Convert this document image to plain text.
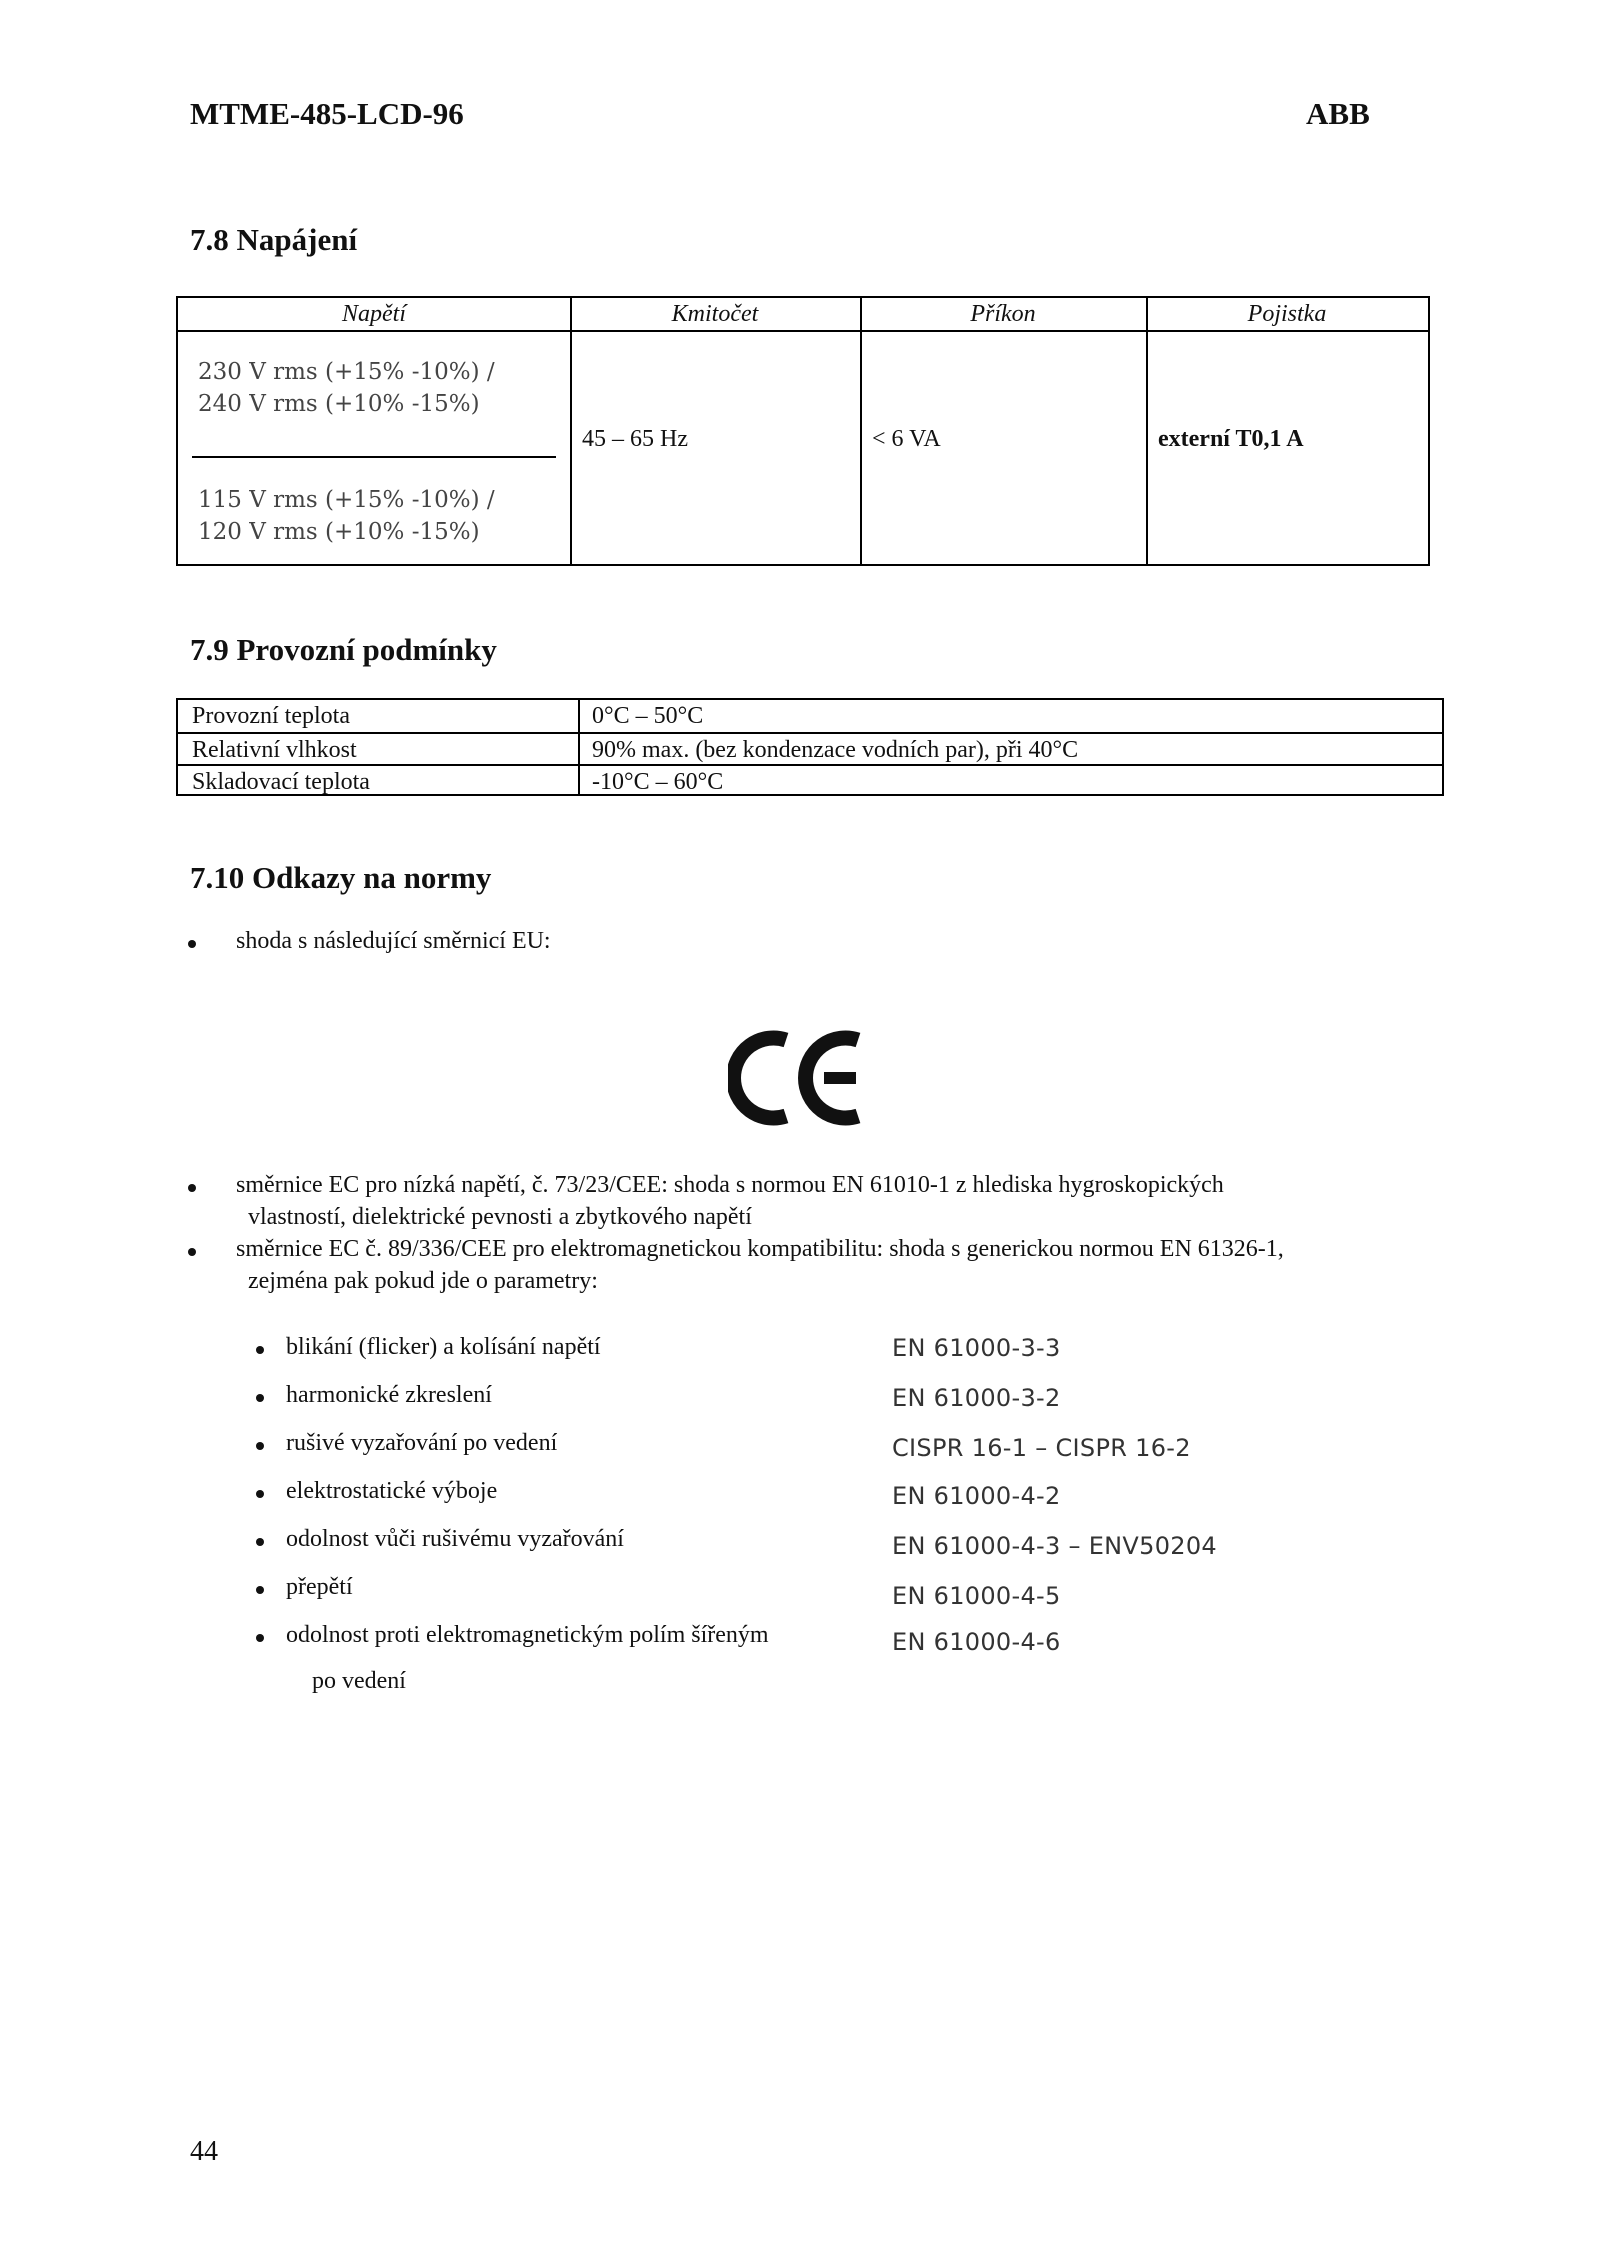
MTME-485-LCD-96	ABB
7.8 Napájení
Napětí	Kmitočet	Příkon	Pojistka
230 V rms (+15% -10%) /
240 V rms (+10% -15%)
115 V rms (+15% -10%) /
120 V rms (+10% -15%)
45 – 65 Hz	< 6 VA	externí T0,1 A
7.9 Provozní podmínky
Provozní teplota	0°C – 50°C
Relativní vlhkost	90% max. (bez kondenzace vodních par), při 40°C
Skladovací teplota	-10°C – 60°C
7.10 Odkazy na normy
shoda s následující směrnicí EU:
směrnice EC pro nízká napětí, č. 73/23/CEE: shoda s normou EN 61010-1 z hlediska hygroskopických
vlastností, dielektrické pevnosti a zbytkového napětí
směrnice EC č. 89/336/CEE pro elektromagnetickou kompatibilitu: shoda s generickou normou EN 61326-1,
zejména pak pokud jde o parametry:
blikání (flicker) a kolísání napětí	EN 61000-3-3
harmonické zkreslení	EN 61000-3-2
rušivé vyzařování po vedení	CISPR 16-1 – CISPR 16-2
elektrostatické výboje	EN 61000-4-2
odolnost vůči rušivému vyzařování	EN 61000-4-3 – ENV50204
přepětí	EN 61000-4-5
odolnost proti elektromagnetickým polím šířeným	EN 61000-4-6
po vedení
44
